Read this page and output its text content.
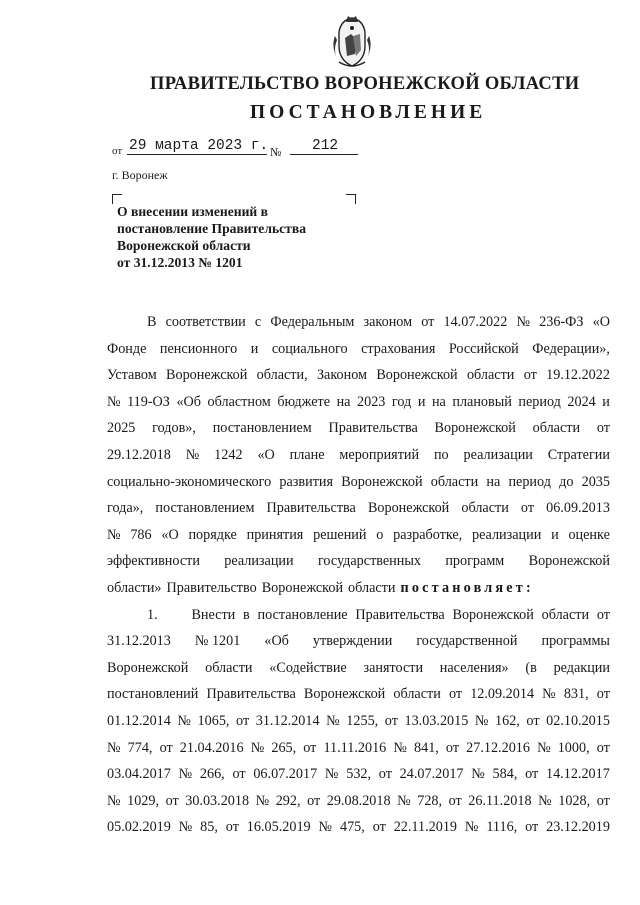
ПРАВИТЕЛЬСТВО ВОРОНЕЖСКОЙ ОБЛАСТИ
ПОСТАНОВЛЕНИЕ
от 29 марта 2023 г. № 212
г. Воронеж
О внесении изменений в
постановление Правительства
Воронежской области
от 31.12.2013 № 1201
В соответствии с Федеральным законом от 14.07.2022 № 236-ФЗ «О
Фонде пенсионного и социального страхования Российской Федерации»,
Уставом Воронежской области, Законом Воронежской области от 19.12.2022
№ 119-ОЗ «Об областном бюджете на 2023 год и на плановый период 2024 и
2025 годов», постановлением Правительства Воронежской области от
29.12.2018 № 1242 «О плане мероприятий по реализации Стратегии
социально-экономического развития Воронежской области на период до 2035
года», постановлением Правительства Воронежской области от 06.09.2013
№ 786 «О порядке принятия решений о разработке, реализации и оценке
эффективности реализации государственных программ Воронежской
области» Правительство Воронежской области постановляет:
1. Внести в постановление Правительства Воронежской области от
31.12.2013 № 1201 «Об утверждении государственной программы
Воронежской области «Содействие занятости населения» (в редакции
постановлений Правительства Воронежской области от 12.09.2014 № 831, от
01.12.2014 № 1065, от 31.12.2014 № 1255, от 13.03.2015 № 162, от 02.10.2015
№ 774, от 21.04.2016 № 265, от 11.11.2016 № 841, от 27.12.2016 № 1000, от
03.04.2017 № 266, от 06.07.2017 № 532, от 24.07.2017 № 584, от 14.12.2017
№ 1029, от 30.03.2018 № 292, от 29.08.2018 № 728, от 26.11.2018 № 1028, от
05.02.2019 № 85, от 16.05.2019 № 475, от 22.11.2019 № 1116, от 23.12.2019
